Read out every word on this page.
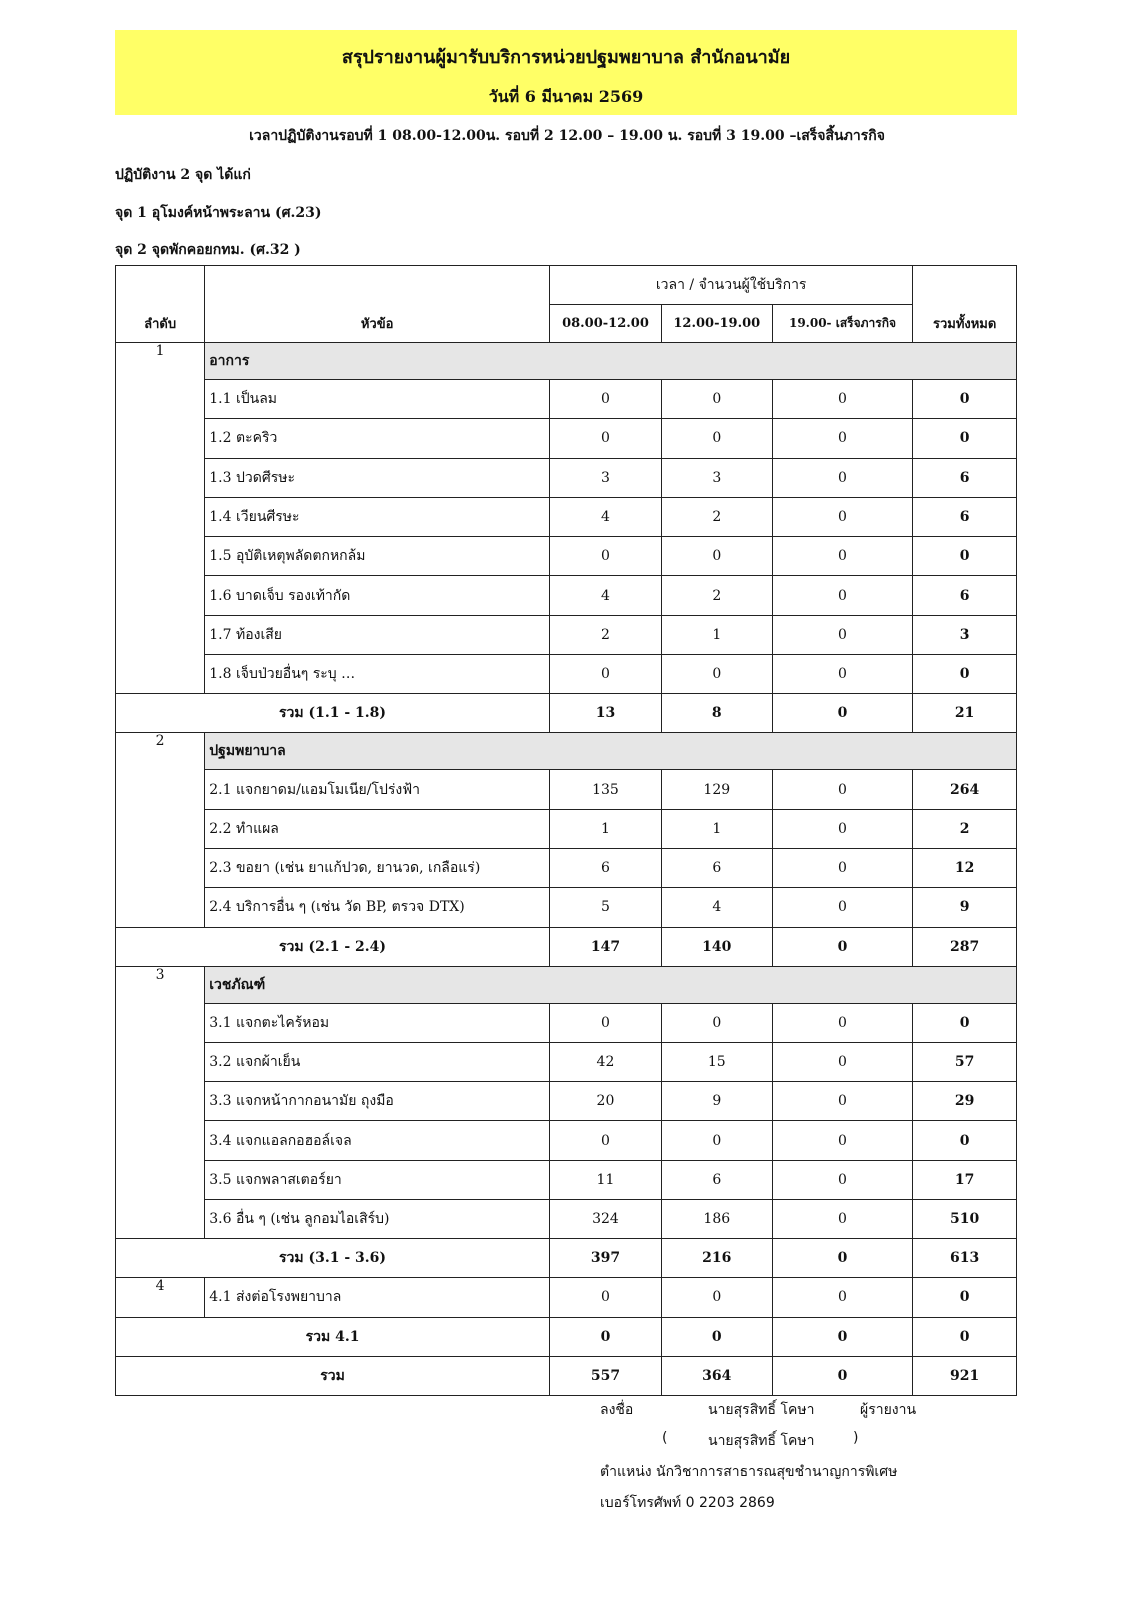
สรุปรายงานผู้มารับบริการหน่วยปฐมพยาบาล สำนักอนามัย
วันที่ 6 มีนาคม 2569
เวลาปฏิบัติงานรอบที่ 1 08.00-12.00น. รอบที่ 2 12.00 – 19.00 น. รอบที่ 3 19.00 –เสร็จสิ้นภารกิจ
ปฏิบัติงาน 2 จุด ได้แก่
จุด 1 อุโมงค์หน้าพระลาน (ศ.23)
จุด 2 จุดพักคอยกทม. (ศ.32 )
ลำดับ	หัวข้อ	เวลา / จำนวนผู้ใช้บริการ			รวมทั้งหมด
		08.00-12.00	12.00-19.00	19.00- เสร็จภารกิจ	
1	อาการ				
	1.1 เป็นลม	0	0	0	0
	1.2 ตะคริว	0	0	0	0
	1.3 ปวดศีรษะ	3	3	0	6
	1.4 เวียนศีรษะ	4	2	0	6
	1.5 อุบัติเหตุพลัดตกหกล้ม	0	0	0	0
	1.6 บาดเจ็บ รองเท้ากัด	4	2	0	6
	1.7 ท้องเสีย	2	1	0	3
	1.8 เจ็บป่วยอื่นๆ ระบุ …	0	0	0	0
รวม (1.1 - 1.8)		13	8	0	21
2	ปฐมพยาบาล				
	2.1 แจกยาดม/แอมโมเนีย/โปร่งฟ้า	135	129	0	264
	2.2 ทำแผล	1	1	0	2
	2.3 ขอยา (เช่น ยาแก้ปวด, ยานวด, เกลือแร่)	6	6	0	12
	2.4 บริการอื่น ๆ (เช่น วัด BP, ตรวจ DTX)	5	4	0	9
รวม (2.1 - 2.4)		147	140	0	287
3	เวชภัณฑ์				
	3.1 แจกตะไคร้หอม	0	0	0	0
	3.2 แจกผ้าเย็น	42	15	0	57
	3.3 แจกหน้ากากอนามัย ถุงมือ	20	9	0	29
	3.4 แจกแอลกอฮอล์เจล	0	0	0	0
	3.5 แจกพลาสเตอร์ยา	11	6	0	17
	3.6 อื่น ๆ (เช่น ลูกอมไอเสิร์บ)	324	186	0	510
รวม (3.1 - 3.6)		397	216	0	613
4	4.1 ส่งต่อโรงพยาบาล	0	0	0	0
รวม 4.1		0	0	0	0
รวม		557	364	0	921
ลงชื่อ	นายสุรสิทธิ์ โคษา	ผู้รายงาน
(	นายสุรสิทธิ์ โคษา	)
ตำแหน่ง นักวิชาการสาธารณสุขชำนาญการพิเศษ
เบอร์โทรศัพท์ 0 2203 2869
